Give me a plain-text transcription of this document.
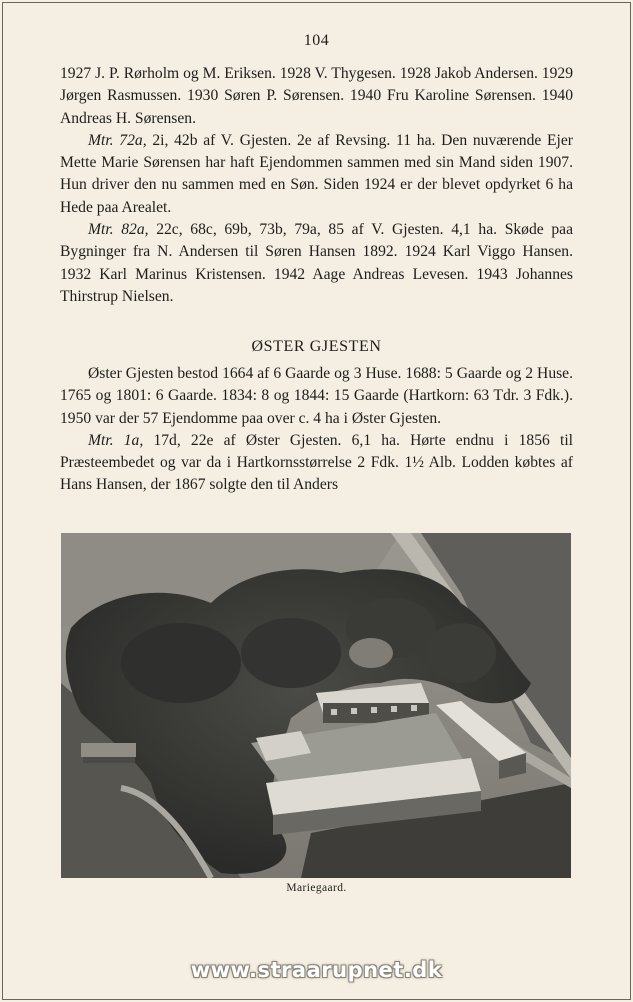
104

1927 J. P. Rørholm og M. Eriksen. 1928 V. Thygesen. 1928 Jakob Andersen. 1929 Jørgen Rasmussen. 1930 Søren P. Sørensen. 1940 Fru Karoline Sørensen. 1940 Andreas H. Sørensen.

Mtr. 72a, 2i, 42b af V. Gjesten. 2e af Revsing. 11 ha. Den nuværende Ejer Mette Marie Sørensen har haft Ejendommen sammen med sin Mand siden 1907. Hun driver den nu sammen med en Søn. Siden 1924 er der blevet opdyrket 6 ha Hede paa Arealet.

Mtr. 82a, 22c, 68c, 69b, 73b, 79a, 85 af V. Gjesten. 4,1 ha. Skøde paa Bygninger fra N. Andersen til Søren Hansen 1892. 1924 Karl Viggo Hansen. 1932 Karl Marinus Kristensen. 1942 Aage Andreas Levesen. 1943 Johannes Thirstrup Nielsen.

ØSTER GJESTEN

Øster Gjesten bestod 1664 af 6 Gaarde og 3 Huse. 1688: 5 Gaarde og 2 Huse. 1765 og 1801: 6 Gaarde. 1834: 8 og 1844: 15 Gaarde (Hartkorn: 63 Tdr. 3 Fdk.). 1950 var der 57 Ejendomme paa over c. 4 ha i Øster Gjesten.

Mtr. 1a, 17d, 22e af Øster Gjesten. 6,1 ha. Hørte endnu i 1856 til Præsteembedet og var da i Hartkornsstørrelse 2 Fdk. 1½ Alb. Lodden købtes af Hans Hansen, der 1867 solgte den til Anders

Mariegaard.
www.straarupnet.dk
